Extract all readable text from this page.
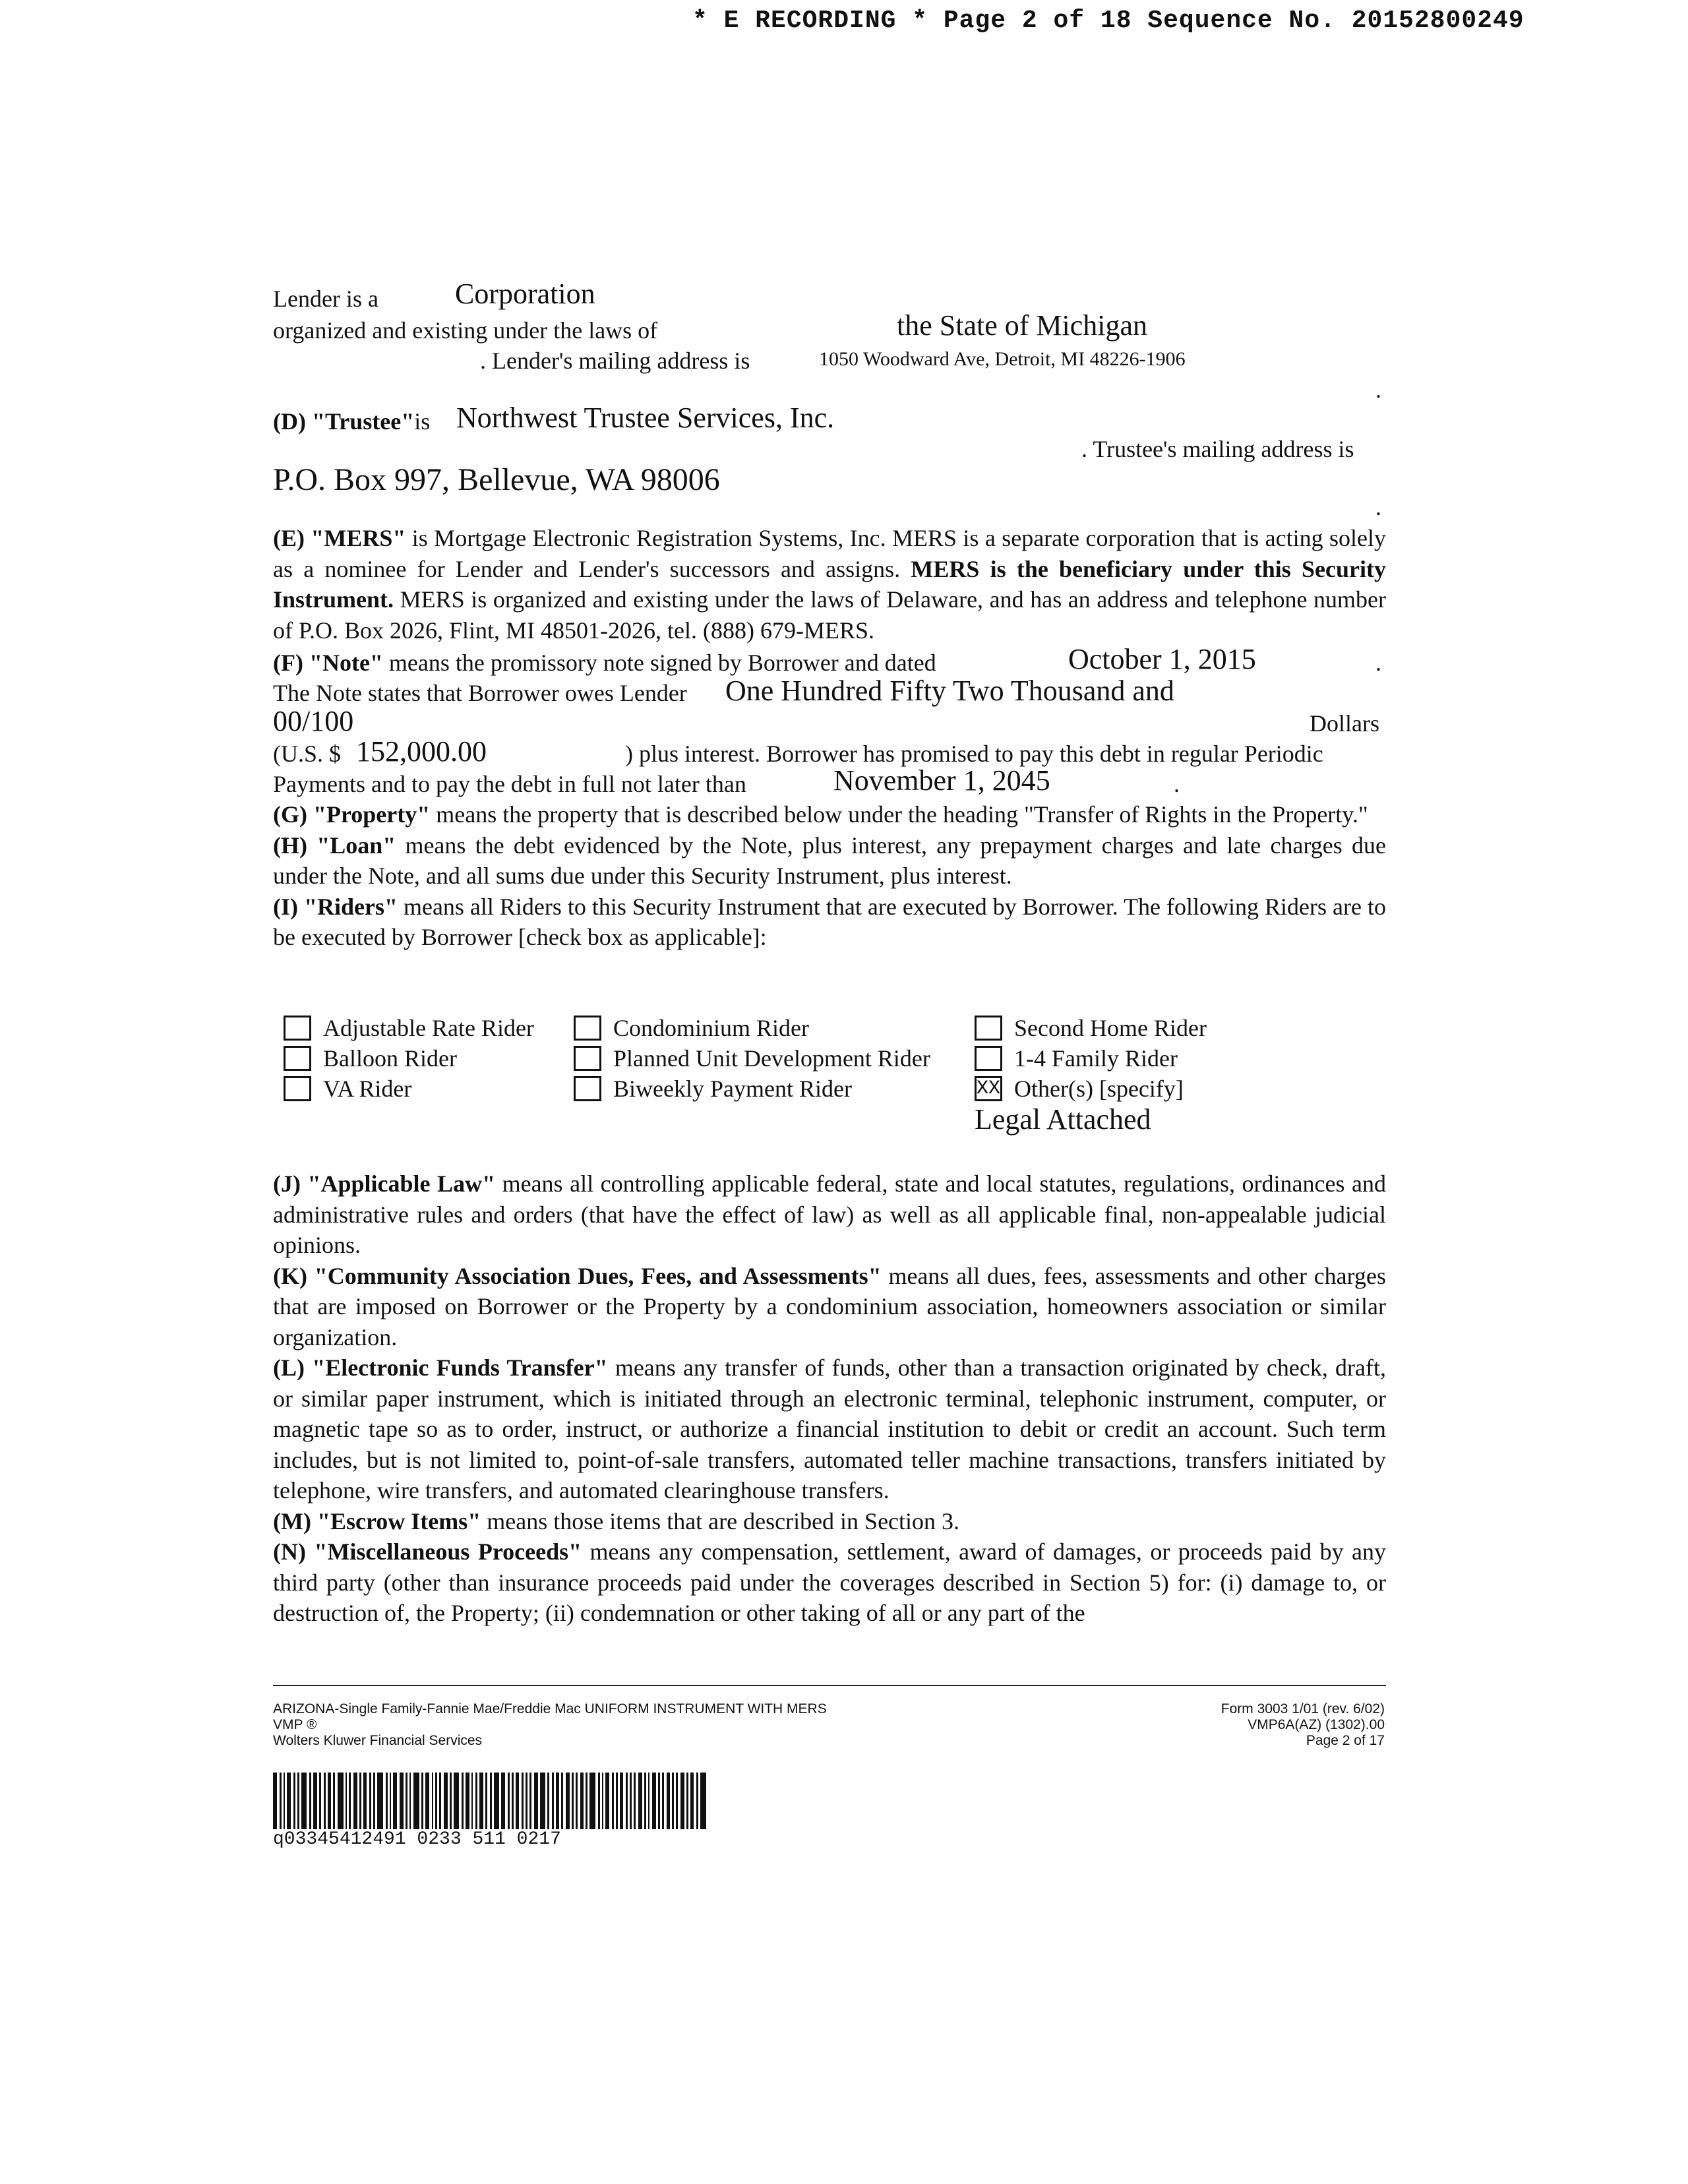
* E RECORDING * Page 2 of 18 Sequence No. 20152800249
Lender is a	Corporation
organized and existing under the laws of	the State of Michigan
. Lender's mailing address is	1050 Woodward Ave, Detroit, MI 48226-1906
.
(D) "Trustee"is Northwest Trustee Services, Inc.
. Trustee's mailing address is
P.O. Box 997, Bellevue, WA 98006
.

(E) "MERS" is Mortgage Electronic Registration Systems, Inc. MERS is a separate corporation that is acting solely as a nominee for Lender and Lender's successors and assigns. MERS is the beneficiary under this Security Instrument. MERS is organized and existing under the laws of Delaware, and has an address and telephone number of P.O. Box 2026, Flint, MI 48501-2026, tel. (888) 679-MERS.

(F) "Note" means the promissory note signed by Borrower and dated	October 1, 2015	.
The Note states that Borrower owes Lender One Hundred Fifty Two Thousand and
00/100	Dollars
(U.S. $ 152,000.00	) plus interest. Borrower has promised to pay this debt in regular Periodic
Payments and to pay the debt in full not later than	November 1, 2045	.

(G) "Property" means the property that is described below under the heading "Transfer of Rights in the Property."

(H) "Loan" means the debt evidenced by the Note, plus interest, any prepayment charges and late charges due under the Note, and all sums due under this Security Instrument, plus interest.

(I) "Riders" means all Riders to this Security Instrument that are executed by Borrower. The following Riders are to be executed by Borrower [check box as applicable]:

Adjustable Rate Rider	Condominium Rider	Second Home Rider
Balloon Rider	Planned Unit Development Rider	1-4 Family Rider
VA Rider	Biweekly Payment Rider	XX Other(s) [specify]
Legal Attached

(J) "Applicable Law" means all controlling applicable federal, state and local statutes, regulations, ordinances and administrative rules and orders (that have the effect of law) as well as all applicable final, non-appealable judicial opinions.

(K) "Community Association Dues, Fees, and Assessments" means all dues, fees, assessments and other charges that are imposed on Borrower or the Property by a condominium association, homeowners association or similar organization.

(L) "Electronic Funds Transfer" means any transfer of funds, other than a transaction originated by check, draft, or similar paper instrument, which is initiated through an electronic terminal, telephonic instrument, computer, or magnetic tape so as to order, instruct, or authorize a financial institution to debit or credit an account. Such term includes, but is not limited to, point-of-sale transfers, automated teller machine transactions, transfers initiated by telephone, wire transfers, and automated clearinghouse transfers.

(M) "Escrow Items" means those items that are described in Section 3.

(N) "Miscellaneous Proceeds" means any compensation, settlement, award of damages, or proceeds paid by any third party (other than insurance proceeds paid under the coverages described in Section 5) for: (i) damage to, or destruction of, the Property; (ii) condemnation or other taking of all or any part of the

ARIZONA-Single Family-Fannie Mae/Freddie Mac UNIFORM INSTRUMENT WITH MERS
VMP ®
Wolters Kluwer Financial Services
Form 3003 1/01 (rev. 6/02)
VMP6A(AZ) (1302).00
Page 2 of 17
q03345412491 0233 511 0217
